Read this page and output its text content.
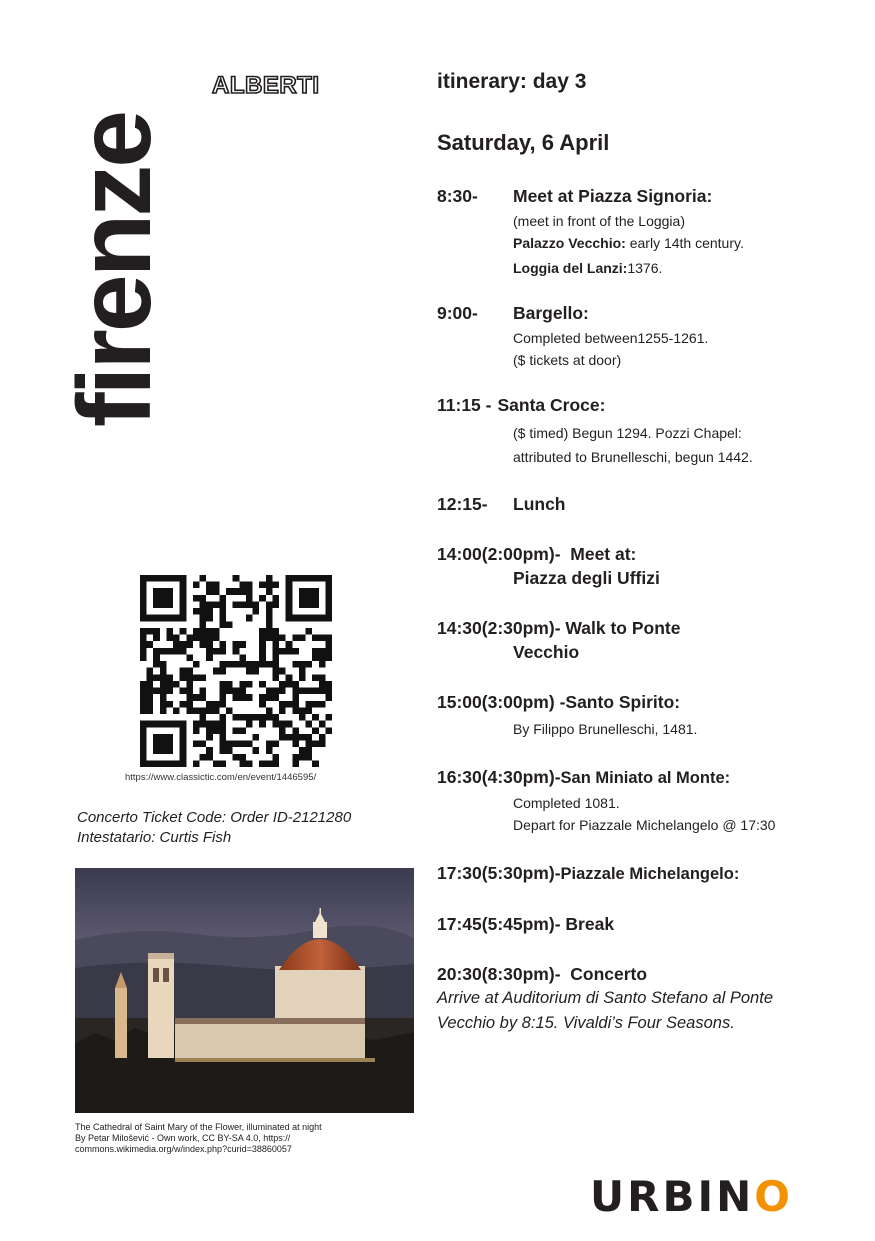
firenze
ALBERTI
https://www.classictic.com/en/event/1446595/
Concerto Ticket Code: Order ID-2121280
Intestatario: Curtis Fish
The Cathedral of Saint Mary of the Flower, illuminated at night
By Petar Milošević - Own work, CC BY-SA 4.0, https://
commons.wikimedia.org/w/index.php?curid=38860057
itinerary: day 3
Saturday, 6 April
8:30-	Meet at Piazza Signoria:
(meet in front of the Loggia)
Palazzo Vecchio: early 14th century.
Loggia del Lanzi:1376.
9:00-	Bargello:
Completed between1255-1261.
($ tickets at door)
11:15 - Santa Croce:
($ timed) Begun 1294. Pozzi Chapel: attributed to Brunelleschi, begun 1442.
12:15-	Lunch
14:00(2:00pm)- Meet at:
Piazza degli Uffizi
14:30(2:30pm)- Walk to Ponte
Vecchio
15:00(3:00pm) -Santo Spirito:
By Filippo Brunelleschi, 1481.
16:30(4:30pm)-San Miniato al Monte:
Completed 1081.
Depart for Piazzale Michelangelo @ 17:30
17:30(5:30pm)-Piazzale Michelangelo:
17:45(5:45pm)- Break
20:30(8:30pm)- Concerto
Arrive at Auditorium di Santo Stefano al Ponte Vecchio by 8:15. Vivaldi’s Four Seasons.
URBINO
